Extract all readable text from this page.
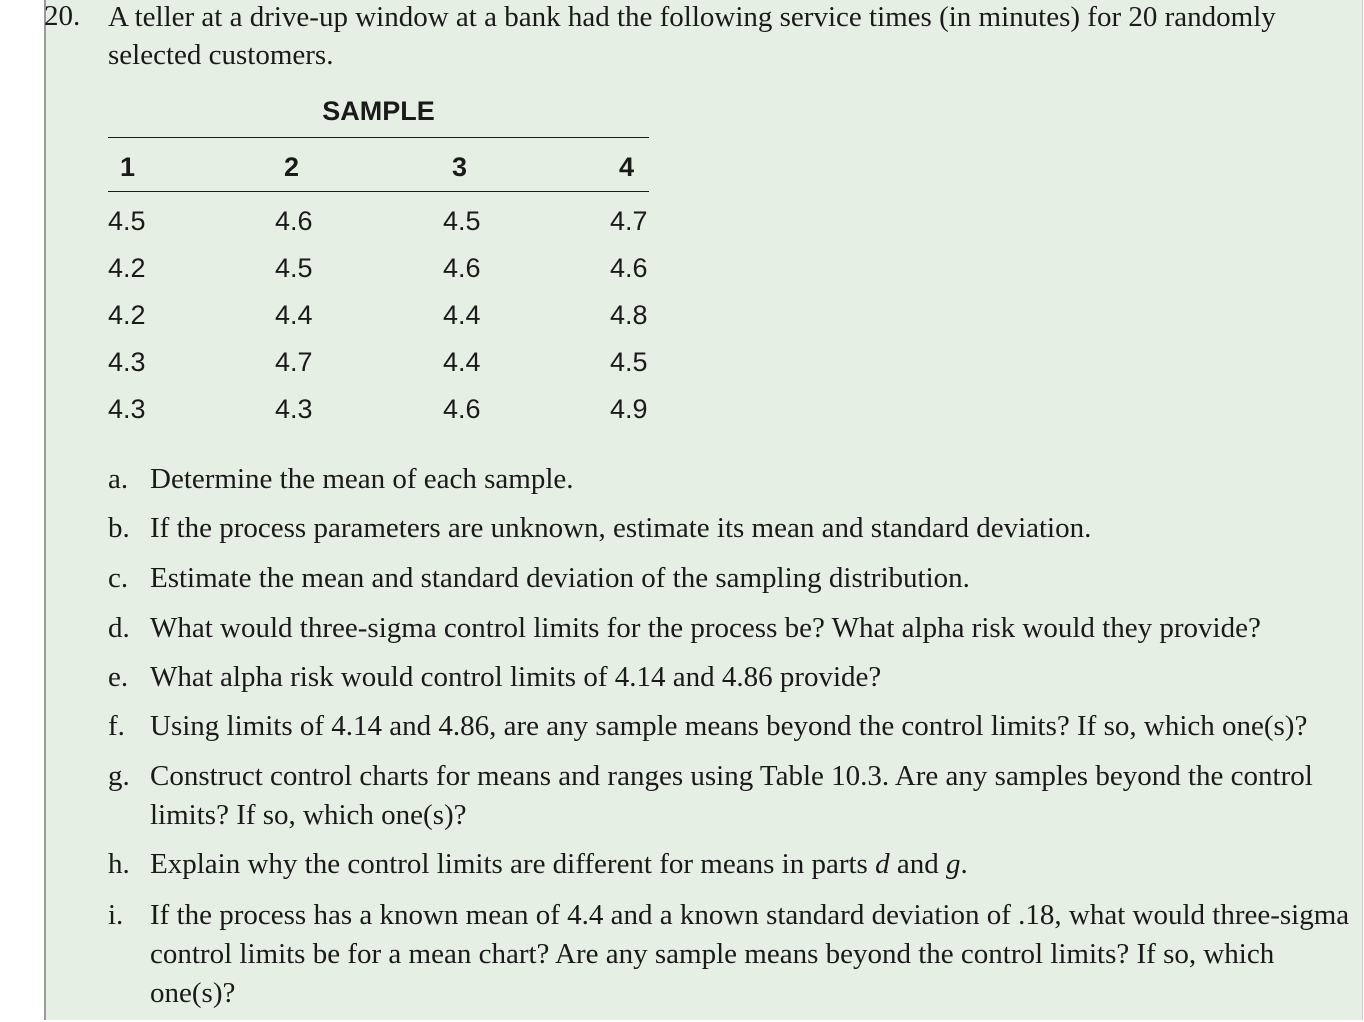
20. A teller at a drive-up window at a bank had the following service times (in minutes) for 20 randomly selected customers.
SAMPLE
1	2	3	4
4.5	4.6	4.5	4.7
4.2	4.5	4.6	4.6
4.2	4.4	4.4	4.8
4.3	4.7	4.4	4.5
4.3	4.3	4.6	4.9
a. Determine the mean of each sample.
b. If the process parameters are unknown, estimate its mean and standard deviation.
c. Estimate the mean and standard deviation of the sampling distribution.
d. What would three-sigma control limits for the process be? What alpha risk would they provide?
e. What alpha risk would control limits of 4.14 and 4.86 provide?
f. Using limits of 4.14 and 4.86, are any sample means beyond the control limits? If so, which one(s)?
g. Construct control charts for means and ranges using Table 10.3. Are any samples beyond the control limits? If so, which one(s)?
h. Explain why the control limits are different for means in parts d and g.
i. If the process has a known mean of 4.4 and a known standard deviation of .18, what would three-sigma control limits be for a mean chart? Are any sample means beyond the control limits? If so, which one(s)?
